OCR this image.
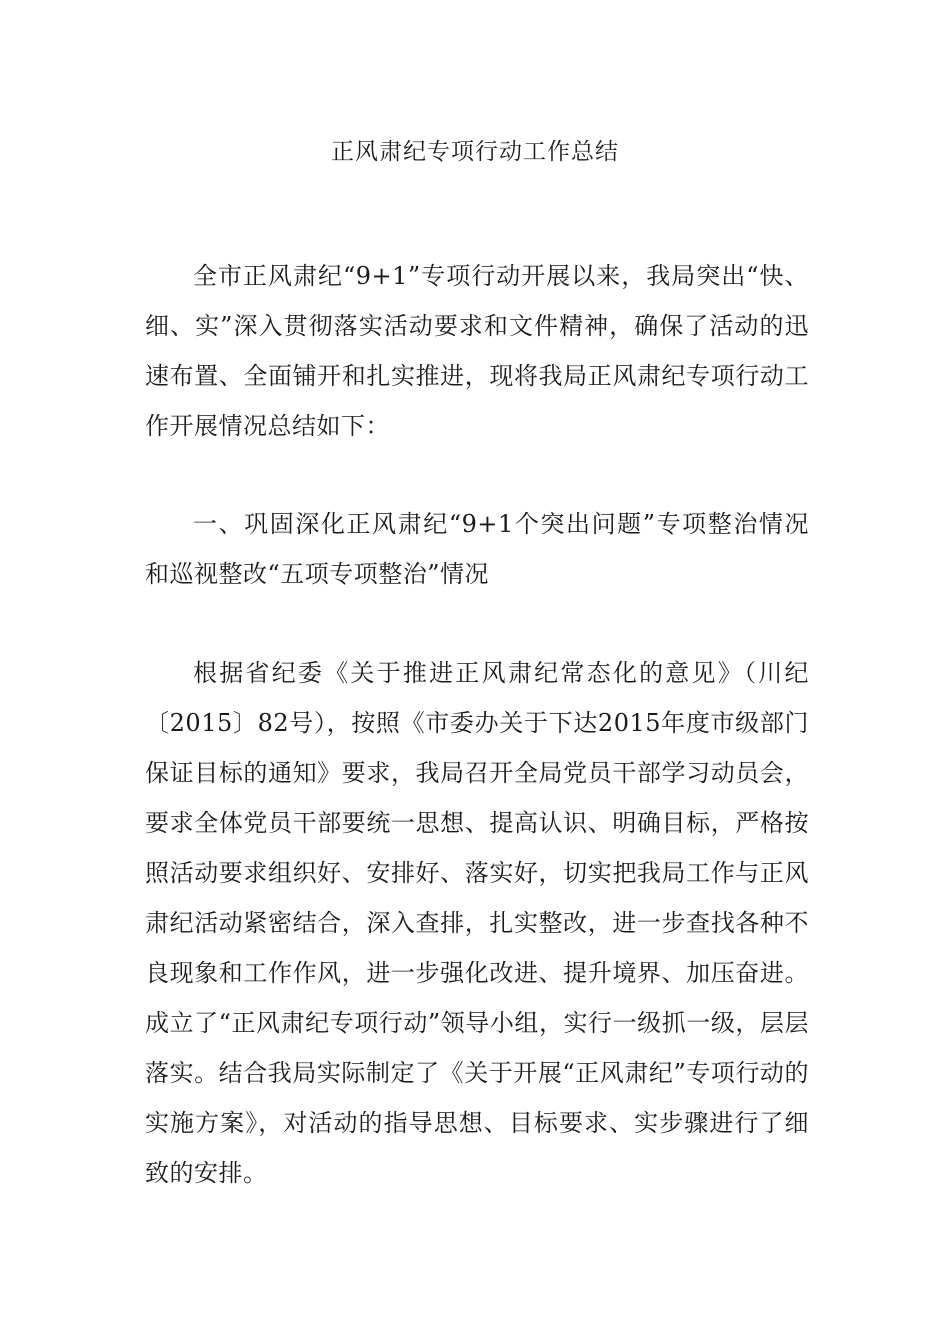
正风肃纪专项行动工作总结

全市正风肃纪“9+1”专项行动开展以来，我局突出“快、细、实”深入贯彻落实活动要求和文件精神，确保了活动的迅速布置、全面铺开和扎实推进，现将我局正风肃纪专项行动工作开展情况总结如下：

一、巩固深化正风肃纪“9+1个突出问题”专项整治情况和巡视整改“五项专项整治”情况

根据省纪委《关于推进正风肃纪常态化的意见》（川纪〔2015〕82号），按照《市委办关于下达2015年度市级部门保证目标的通知》要求，我局召开全局党员干部学习动员会，要求全体党员干部要统一思想、提高认识、明确目标，严格按照活动要求组织好、安排好、落实好，切实把我局工作与正风肃纪活动紧密结合，深入查排，扎实整改，进一步查找各种不良现象和工作作风，进一步强化改进、提升境界、加压奋进。成立了“正风肃纪专项行动”领导小组，实行一级抓一级，层层落实。结合我局实际制定了《关于开展“正风肃纪”专项行动的实施方案》，对活动的指导思想、目标要求、实步骤进行了细致的安排。
